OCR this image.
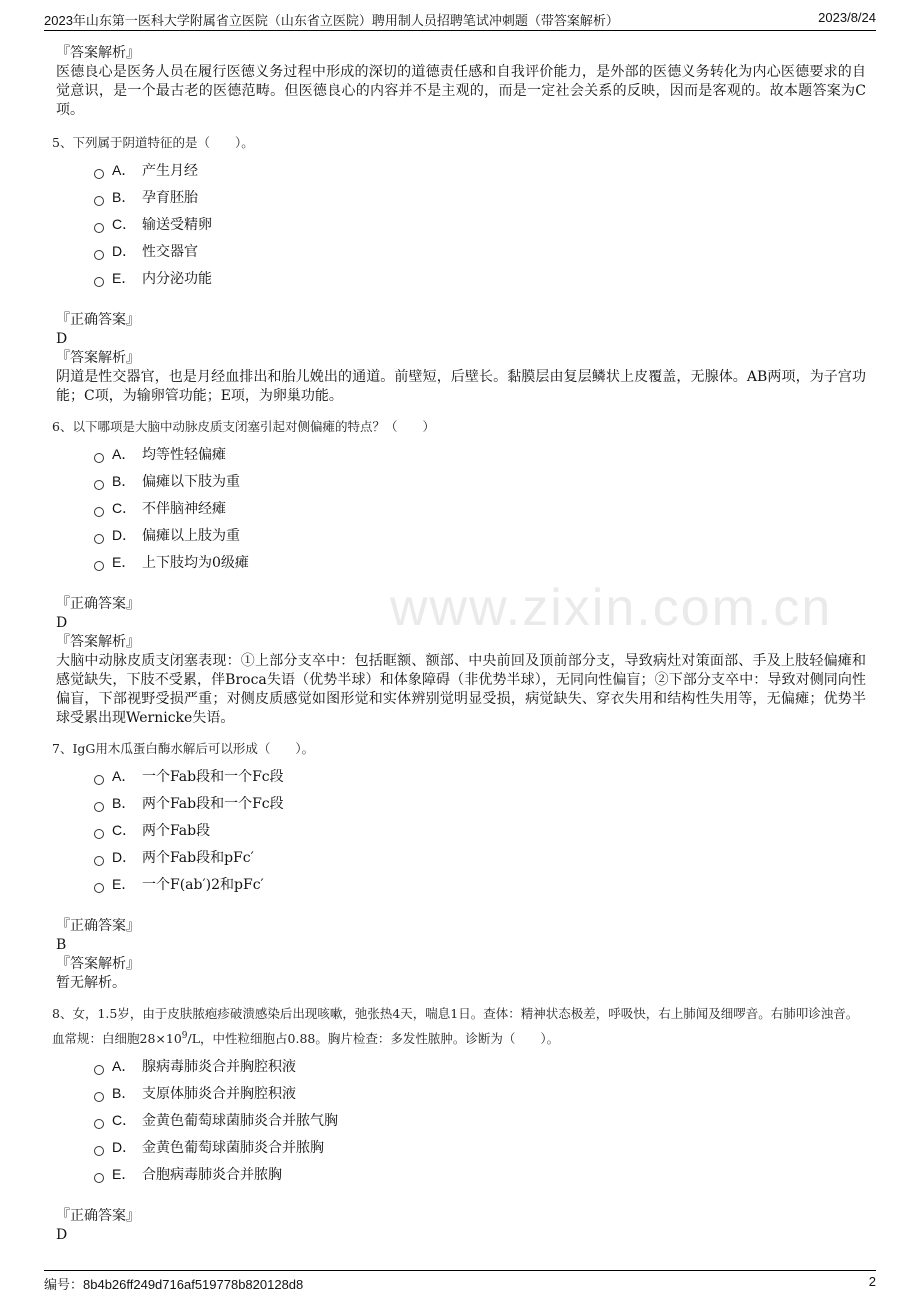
2023年山东第一医科大学附属省立医院（山东省立医院）聘用制人员招聘笔试冲刺题（带答案解析）	2023/8/24
www.zixin.com.cn
『答案解析』
医德良心是医务人员在履行医德义务过程中形成的深切的道德责任感和自我评价能力，是外部的医德义务转化为内心医德要求的自觉意识，是一个最古老的医德范畴。但医德良心的内容并不是主观的，而是一定社会关系的反映，因而是客观的。故本题答案为C项。
5、下列属于阴道特征的是（　　）。
A． 产生月经
B． 孕育胚胎
C． 输送受精卵
D． 性交器官
E． 内分泌功能
『正确答案』
D
『答案解析』
阴道是性交器官，也是月经血排出和胎儿娩出的通道。前壁短，后壁长。黏膜层由复层鳞状上皮覆盖，无腺体。AB两项，为子宫功能；C项，为输卵管功能；E项，为卵巢功能。
6、以下哪项是大脑中动脉皮质支闭塞引起对侧偏瘫的特点？（　　）
A． 均等性轻偏瘫
B． 偏瘫以下肢为重
C． 不伴脑神经瘫
D． 偏瘫以上肢为重
E． 上下肢均为0级瘫
『正确答案』
D
『答案解析』
大脑中动脉皮质支闭塞表现：①上部分支卒中：包括眶额、额部、中央前回及顶前部分支，导致病灶对策面部、手及上肢轻偏瘫和感觉缺失，下肢不受累，伴Broca失语（优势半球）和体象障碍（非优势半球），无同向性偏盲；②下部分支卒中：导致对侧同向性偏盲，下部视野受损严重；对侧皮质感觉如图形觉和实体辨别觉明显受损，病觉缺失、穿衣失用和结构性失用等，无偏瘫；优势半球受累出现Wernicke失语。
7、IgG用木瓜蛋白酶水解后可以形成（　　）。
A． 一个Fab段和一个Fc段
B． 两个Fab段和一个Fc段
C． 两个Fab段
D． 两个Fab段和pFc′
E． 一个F(ab′)2和pFc′
『正确答案』
B
『答案解析』
暂无解析。
8、女，1.5岁，由于皮肤脓疱疹破溃感染后出现咳嗽，弛张热4天，喘息1日。查体：精神状态极差，呼吸快，右上肺闻及细啰音。右肺叩诊浊音。血常规：白细胞$28\times 10^9/L$，中性粒细胞占0.88。胸片检查：多发性脓肿。诊断为（　　）。
A． 腺病毒肺炎合并胸腔积液
B． 支原体肺炎合并胸腔积液
C． 金黄色葡萄球菌肺炎合并脓气胸
D． 金黄色葡萄球菌肺炎合并脓胸
E． 合胞病毒肺炎合并脓胸
『正确答案』
D
编号：8b4b26ff249d716af519778b820128d8	2
